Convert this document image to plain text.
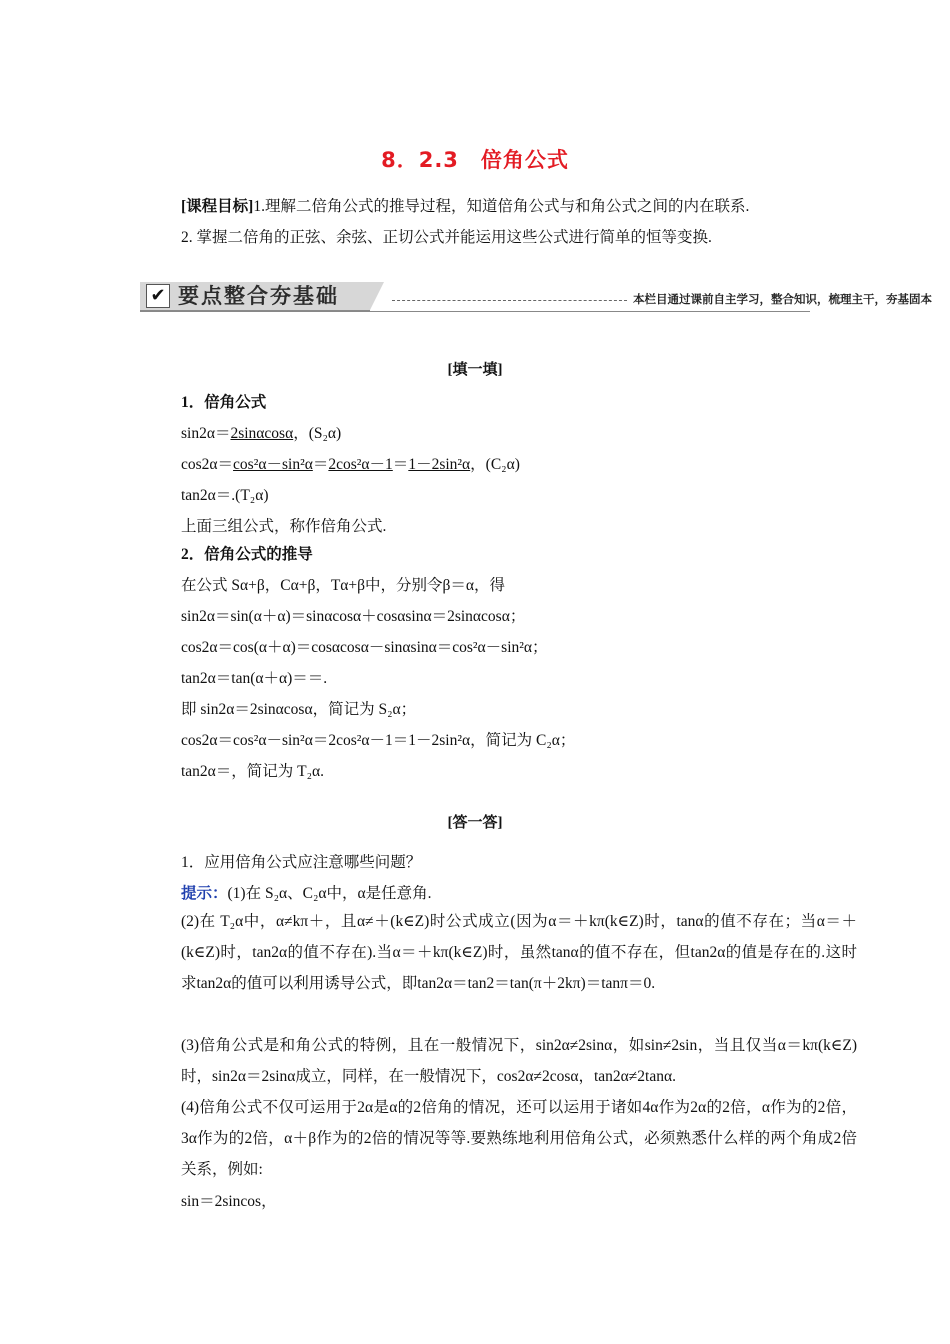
8．2.3　倍角公式
[课程目标]1.理解二倍角公式的推导过程，知道倍角公式与和角公式之间的内在联系.
2. 掌握二倍角的正弦、余弦、正切公式并能运用这些公式进行简单的恒等变换.
✔ 要点整合夯基础	本栏目通过课前自主学习，整合知识，梳理主干，夯基固本
[填一填]
1．倍角公式
sin2α＝2sinαcosα，(S₂α)
cos2α＝cos²α－sin²α＝2cos²α－1＝1－2sin²α，(C₂α)
tan2α＝.(T₂α)
上面三组公式，称作倍角公式.
2．倍角公式的推导
在公式 Sα+β，Cα+β，Tα+β中，分别令β＝α，得
sin2α＝sin(α＋α)＝sinαcosα＋cosαsinα＝2sinαcosα；
cos2α＝cos(α＋α)＝cosαcosα－sinαsinα＝cos²α－sin²α；
tan2α＝tan(α＋α)＝＝.
即 sin2α＝2sinαcosα，简记为 S₂α；
cos2α＝cos²α－sin²α＝2cos²α－1＝1－2sin²α，简记为 C₂α；
tan2α＝，简记为 T₂α.
[答一答]
1．应用倍角公式应注意哪些问题？
提示：(1)在 S₂α、C₂α中，α是任意角.
(2)在 T₂α中，α≠kπ＋，且α≠＋(k∈Z)时公式成立(因为α＝＋kπ(k∈Z)时，tanα的值不存在；当α＝＋(k∈Z)时，tan2α的值不存在).当α＝＋kπ(k∈Z)时，虽然tanα的值不存在，但tan2α的值是存在的.这时求tan2α的值可以利用诱导公式，即tan2α＝tan2＝tan(π＋2kπ)＝tanπ＝0.
(3)倍角公式是和角公式的特例，且在一般情况下，sin2α≠2sinα，如sin≠2sin，当且仅当α＝kπ(k∈Z)时，sin2α＝2sinα成立，同样，在一般情况下，cos2α≠2cosα，tan2α≠2tanα.
(4)倍角公式不仅可运用于2α是α的2倍角的情况，还可以运用于诸如4α作为2α的2倍，α作为的2倍，3α作为的2倍，α＋β作为的2倍的情况等等.要熟练地利用倍角公式，必须熟悉什么样的两个角成2倍关系，例如:
sin＝2sincos，
